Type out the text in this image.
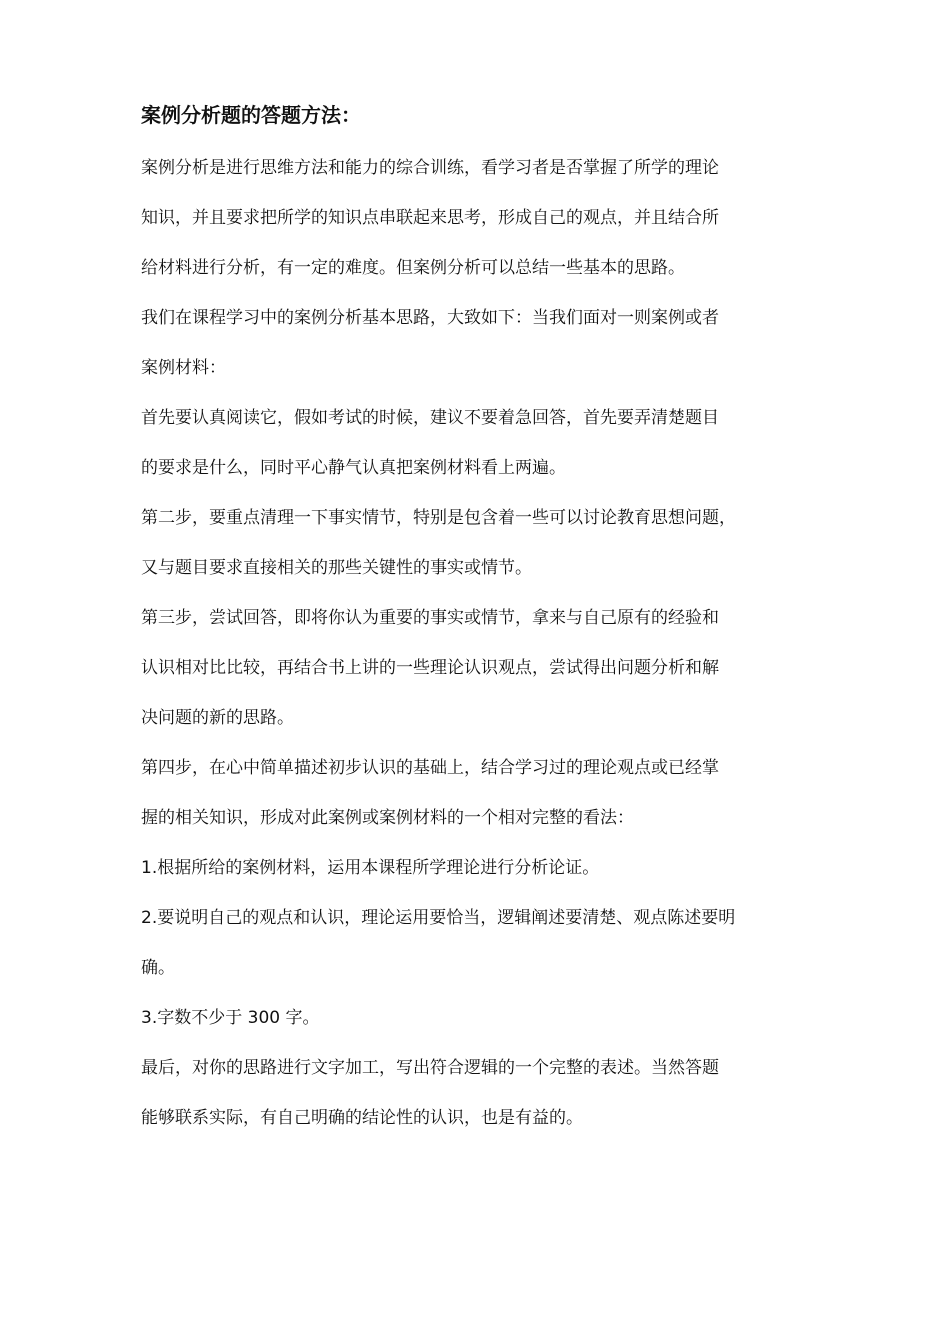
案例分析题的答题方法：

案例分析是进行思维方法和能力的综合训练，看学习者是否掌握了所学的理论
知识，并且要求把所学的知识点串联起来思考，形成自己的观点，并且结合所
给材料进行分析，有一定的难度。但案例分析可以总结一些基本的思路。

我们在课程学习中的案例分析基本思路，大致如下：当我们面对一则案例或者
案例材料：

首先要认真阅读它，假如考试的时候，建议不要着急回答，首先要弄清楚题目
的要求是什么，同时平心静气认真把案例材料看上两遍。

第二步，要重点清理一下事实情节，特别是包含着一些可以讨论教育思想问题，
又与题目要求直接相关的那些关键性的事实或情节。

第三步，尝试回答，即将你认为重要的事实或情节，拿来与自己原有的经验和
认识相对比比较，再结合书上讲的一些理论认识观点，尝试得出问题分析和解
决问题的新的思路。

第四步，在心中简单描述初步认识的基础上，结合学习过的理论观点或已经掌
握的相关知识，形成对此案例或案例材料的一个相对完整的看法：

1.根据所给的案例材料，运用本课程所学理论进行分析论证。

2.要说明自己的观点和认识，理论运用要恰当，逻辑阐述要清楚、观点陈述要明
确。

3.字数不少于 300 字。

最后，对你的思路进行文字加工，写出符合逻辑的一个完整的表述。当然答题
能够联系实际，有自己明确的结论性的认识，也是有益的。
